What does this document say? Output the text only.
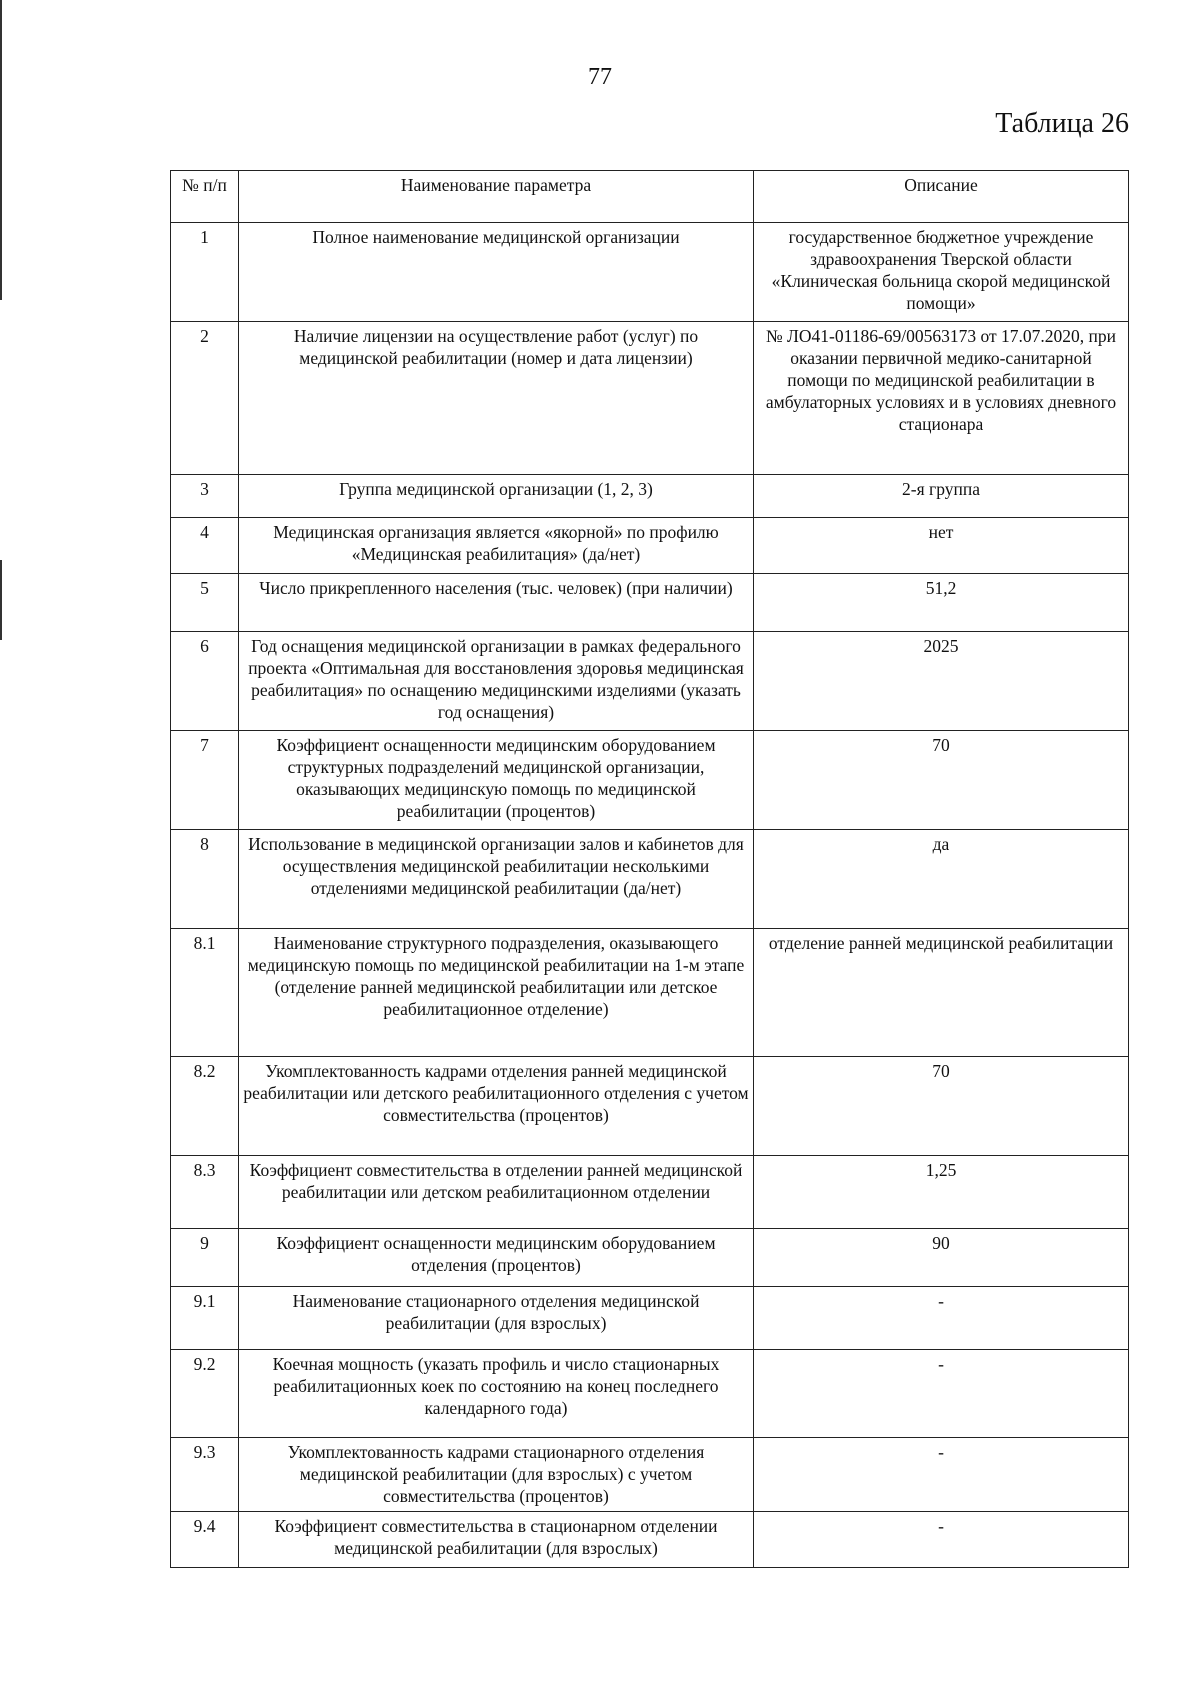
77
Таблица 26
№ п/п	Наименование параметра	Описание
1	Полное наименование медицинской организации	государственное бюджетное учреждение здравоохранения Тверской области «Клиническая больница скорой медицинской помощи»
2	Наличие лицензии на осуществление работ (услуг) по медицинской реабилитации (номер и дата лицензии)	№ ЛО41-01186-69/00563173 от 17.07.2020, при оказании первичной медико-санитарной помощи по медицинской реабилитации в амбулаторных условиях и в условиях дневного стационара
3	Группа медицинской организации (1, 2, 3)	2-я группа
4	Медицинская организация является «якорной» по профилю «Медицинская реабилитация» (да/нет)	нет
5	Число прикрепленного населения (тыс. человек) (при наличии)	51,2
6	Год оснащения медицинской организации в рамках федерального проекта «Оптимальная для восстановления здоровья медицинская реабилитация» по оснащению медицинскими изделиями (указать год оснащения)	2025
7	Коэффициент оснащенности медицинским оборудованием структурных подразделений медицинской организации, оказывающих медицинскую помощь по медицинской реабилитации (процентов)	70
8	Использование в медицинской организации залов и кабинетов для осуществления медицинской реабилитации несколькими отделениями медицинской реабилитации (да/нет)	да
8.1	Наименование структурного подразделения, оказывающего медицинскую помощь по медицинской реабилитации на 1-м этапе (отделение ранней медицинской реабилитации или детское реабилитационное отделение)	отделение ранней медицинской реабилитации
8.2	Укомплектованность кадрами отделения ранней медицинской реабилитации или детского реабилитационного отделения с учетом совместительства (процентов)	70
8.3	Коэффициент совместительства в отделении ранней медицинской реабилитации или детском реабилитационном отделении	1,25
9	Коэффициент оснащенности медицинским оборудованием отделения (процентов)	90
9.1	Наименование стационарного отделения медицинской реабилитации (для взрослых)	-
9.2	Коечная мощность (указать профиль и число стационарных реабилитационных коек по состоянию на конец последнего календарного года)	-
9.3	Укомплектованность кадрами стационарного отделения медицинской реабилитации (для взрослых) с учетом совместительства (процентов)	-
9.4	Коэффициент совместительства в стационарном отделении медицинской реабилитации (для взрослых)	-
